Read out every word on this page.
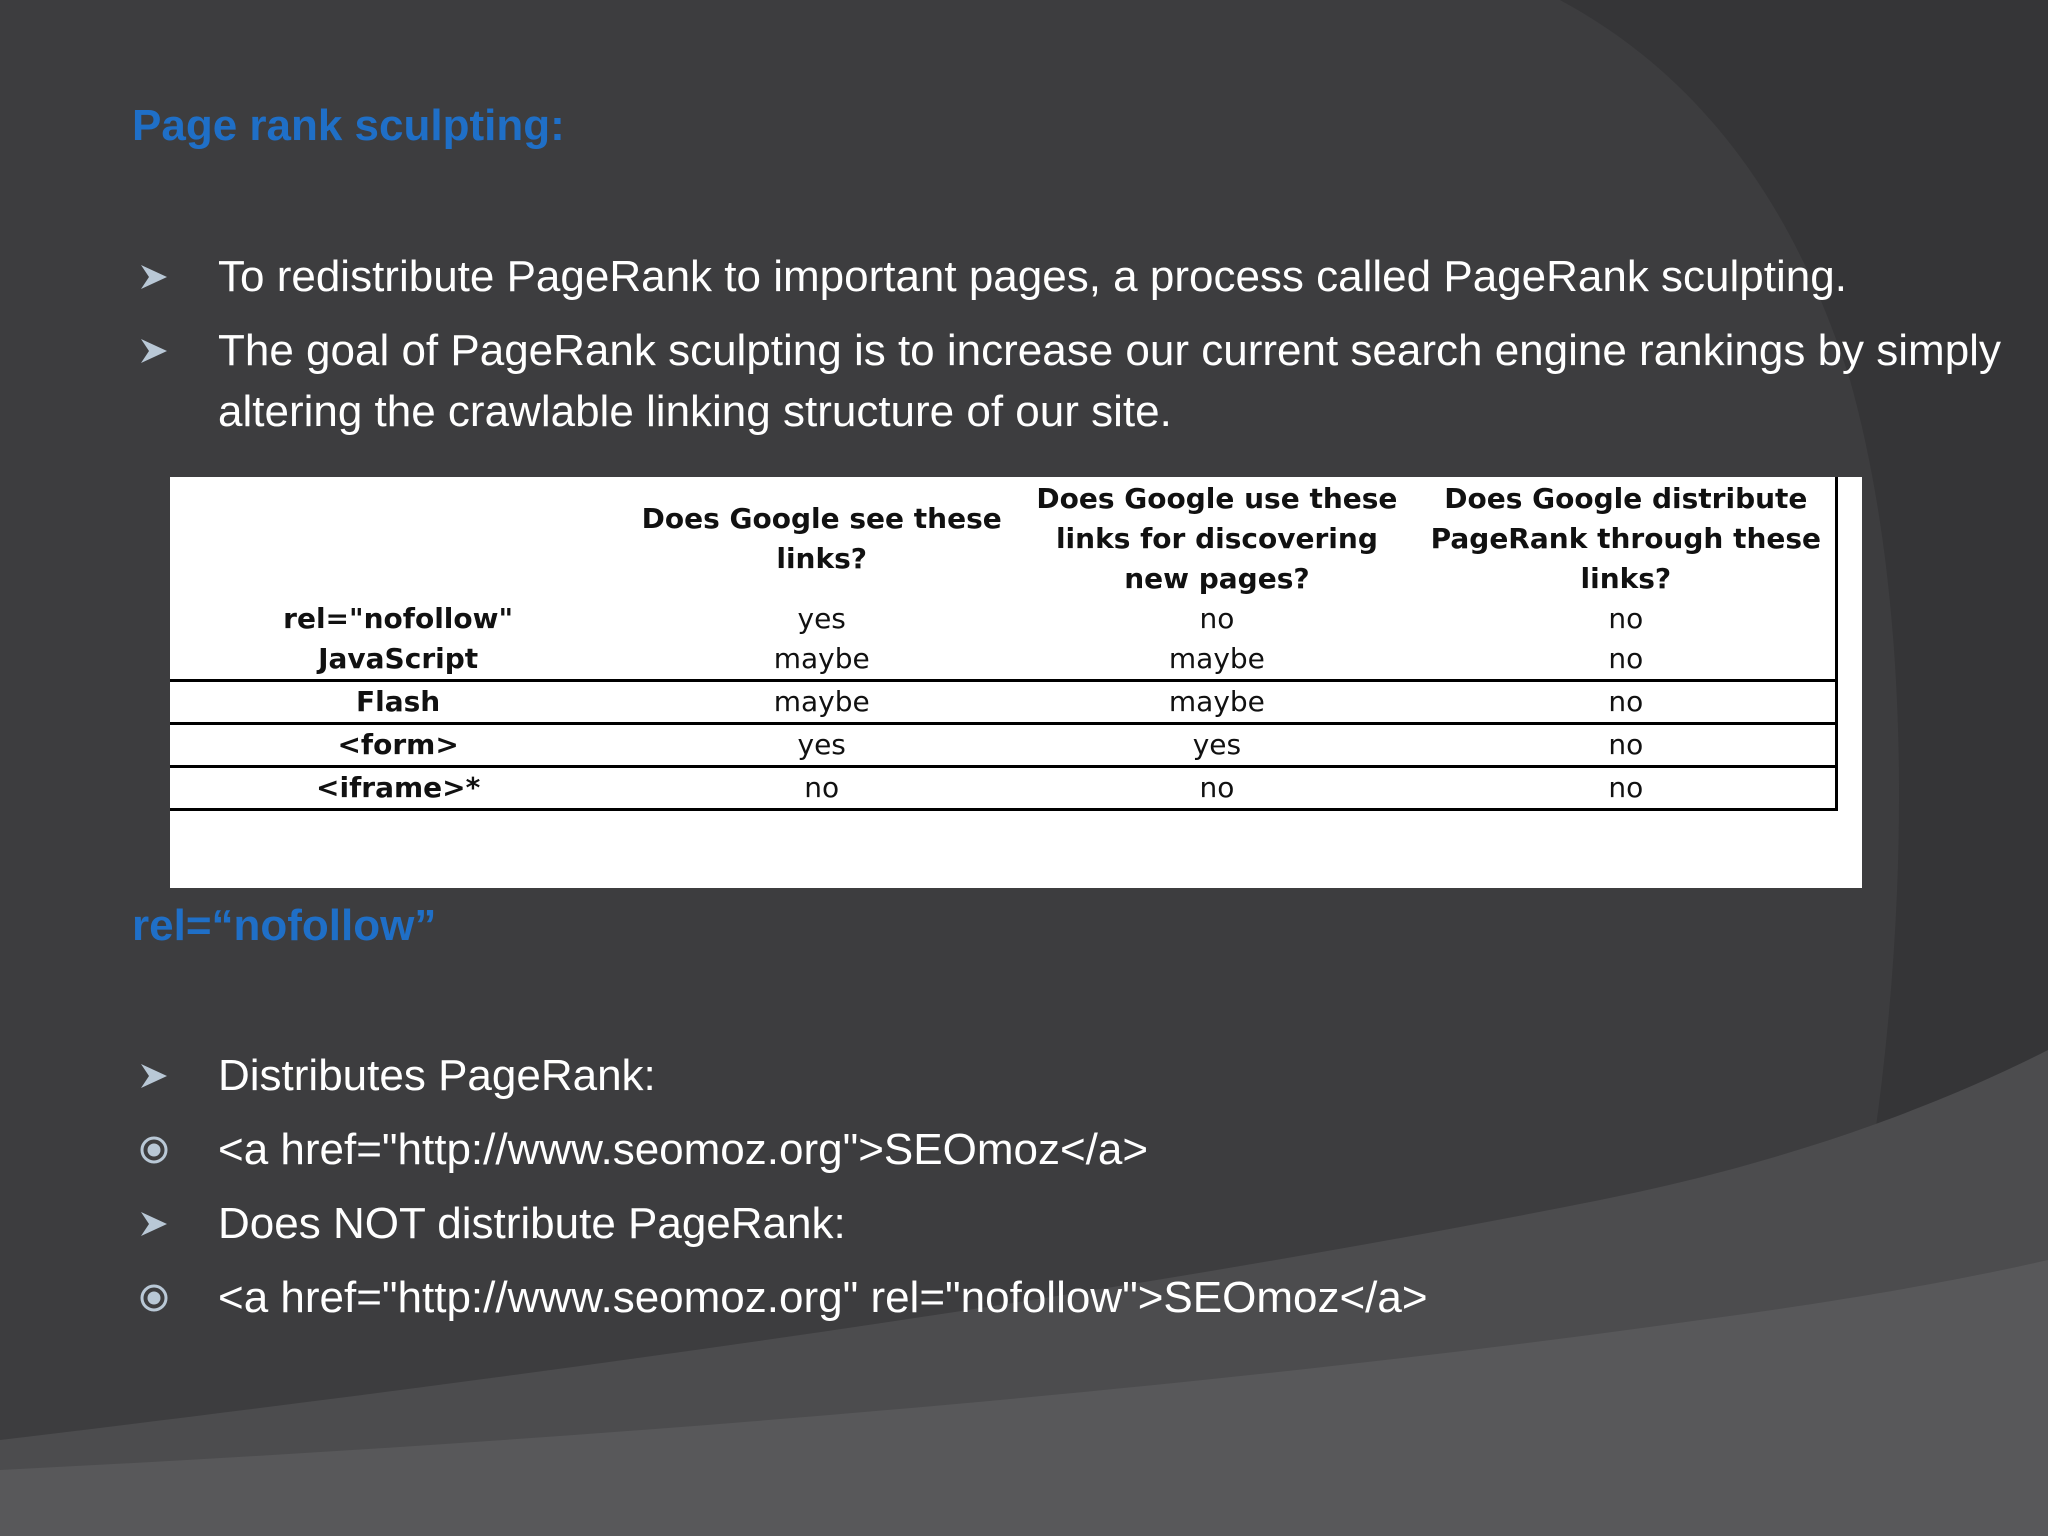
Page rank sculpting:
To redistribute PageRank to important pages, a process called PageRank sculpting.
The goal of PageRank sculpting is to increase our current search engine rankings by simply altering the crawlable linking structure of our site.
	Does Google see these links?	Does Google use these links for discovering new pages?	Does Google distribute PageRank through these links?
rel="nofollow"	yes	no	no
JavaScript	maybe	maybe	no
Flash	maybe	maybe	no
<form>	yes	yes	no
<iframe>*	no	no	no
rel=“nofollow”
Distributes PageRank:
<a href="http://www.seomoz.org">SEOmoz</a>
Does NOT distribute PageRank:
<a href="http://www.seomoz.org" rel="nofollow">SEOmoz</a>
